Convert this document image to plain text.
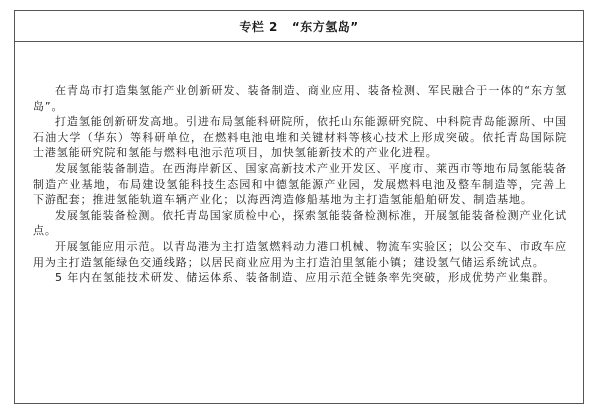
专栏 2 “东方氢岛”

在青岛市打造集氢能产业创新研发、装备制造、商业应用、装备检测、军民融合于一体的“东方氢岛”。

打造氢能创新研发高地。引进布局氢能科研院所，依托山东能源研究院、中科院青岛能源所、中国石油大学（华东）等科研单位，在燃料电池电堆和关键材料等核心技术上形成突破。依托青岛国际院士港氢能研究院和氢能与燃料电池示范项目，加快氢能新技术的产业化进程。

发展氢能装备制造。在西海岸新区、国家高新技术产业开发区、平度市、莱西市等地布局氢能装备制造产业基地，布局建设氢能科技生态园和中德氢能源产业园，发展燃料电池及整车制造等，完善上下游配套；推进氢能轨道车辆产业化；以海西湾造修船基地为主打造氢能船舶研发、制造基地。

发展氢能装备检测。依托青岛国家质检中心，探索氢能装备检测标准，开展氢能装备检测产业化试点。

开展氢能应用示范。以青岛港为主打造氢燃料动力港口机械、物流车实验区；以公交车、市政车应用为主打造氢能绿色交通线路；以居民商业应用为主打造泊里氢能小镇；建设氢气储运系统试点。

5 年内在氢能技术研发、储运体系、装备制造、应用示范全链条率先突破，形成优势产业集群。
